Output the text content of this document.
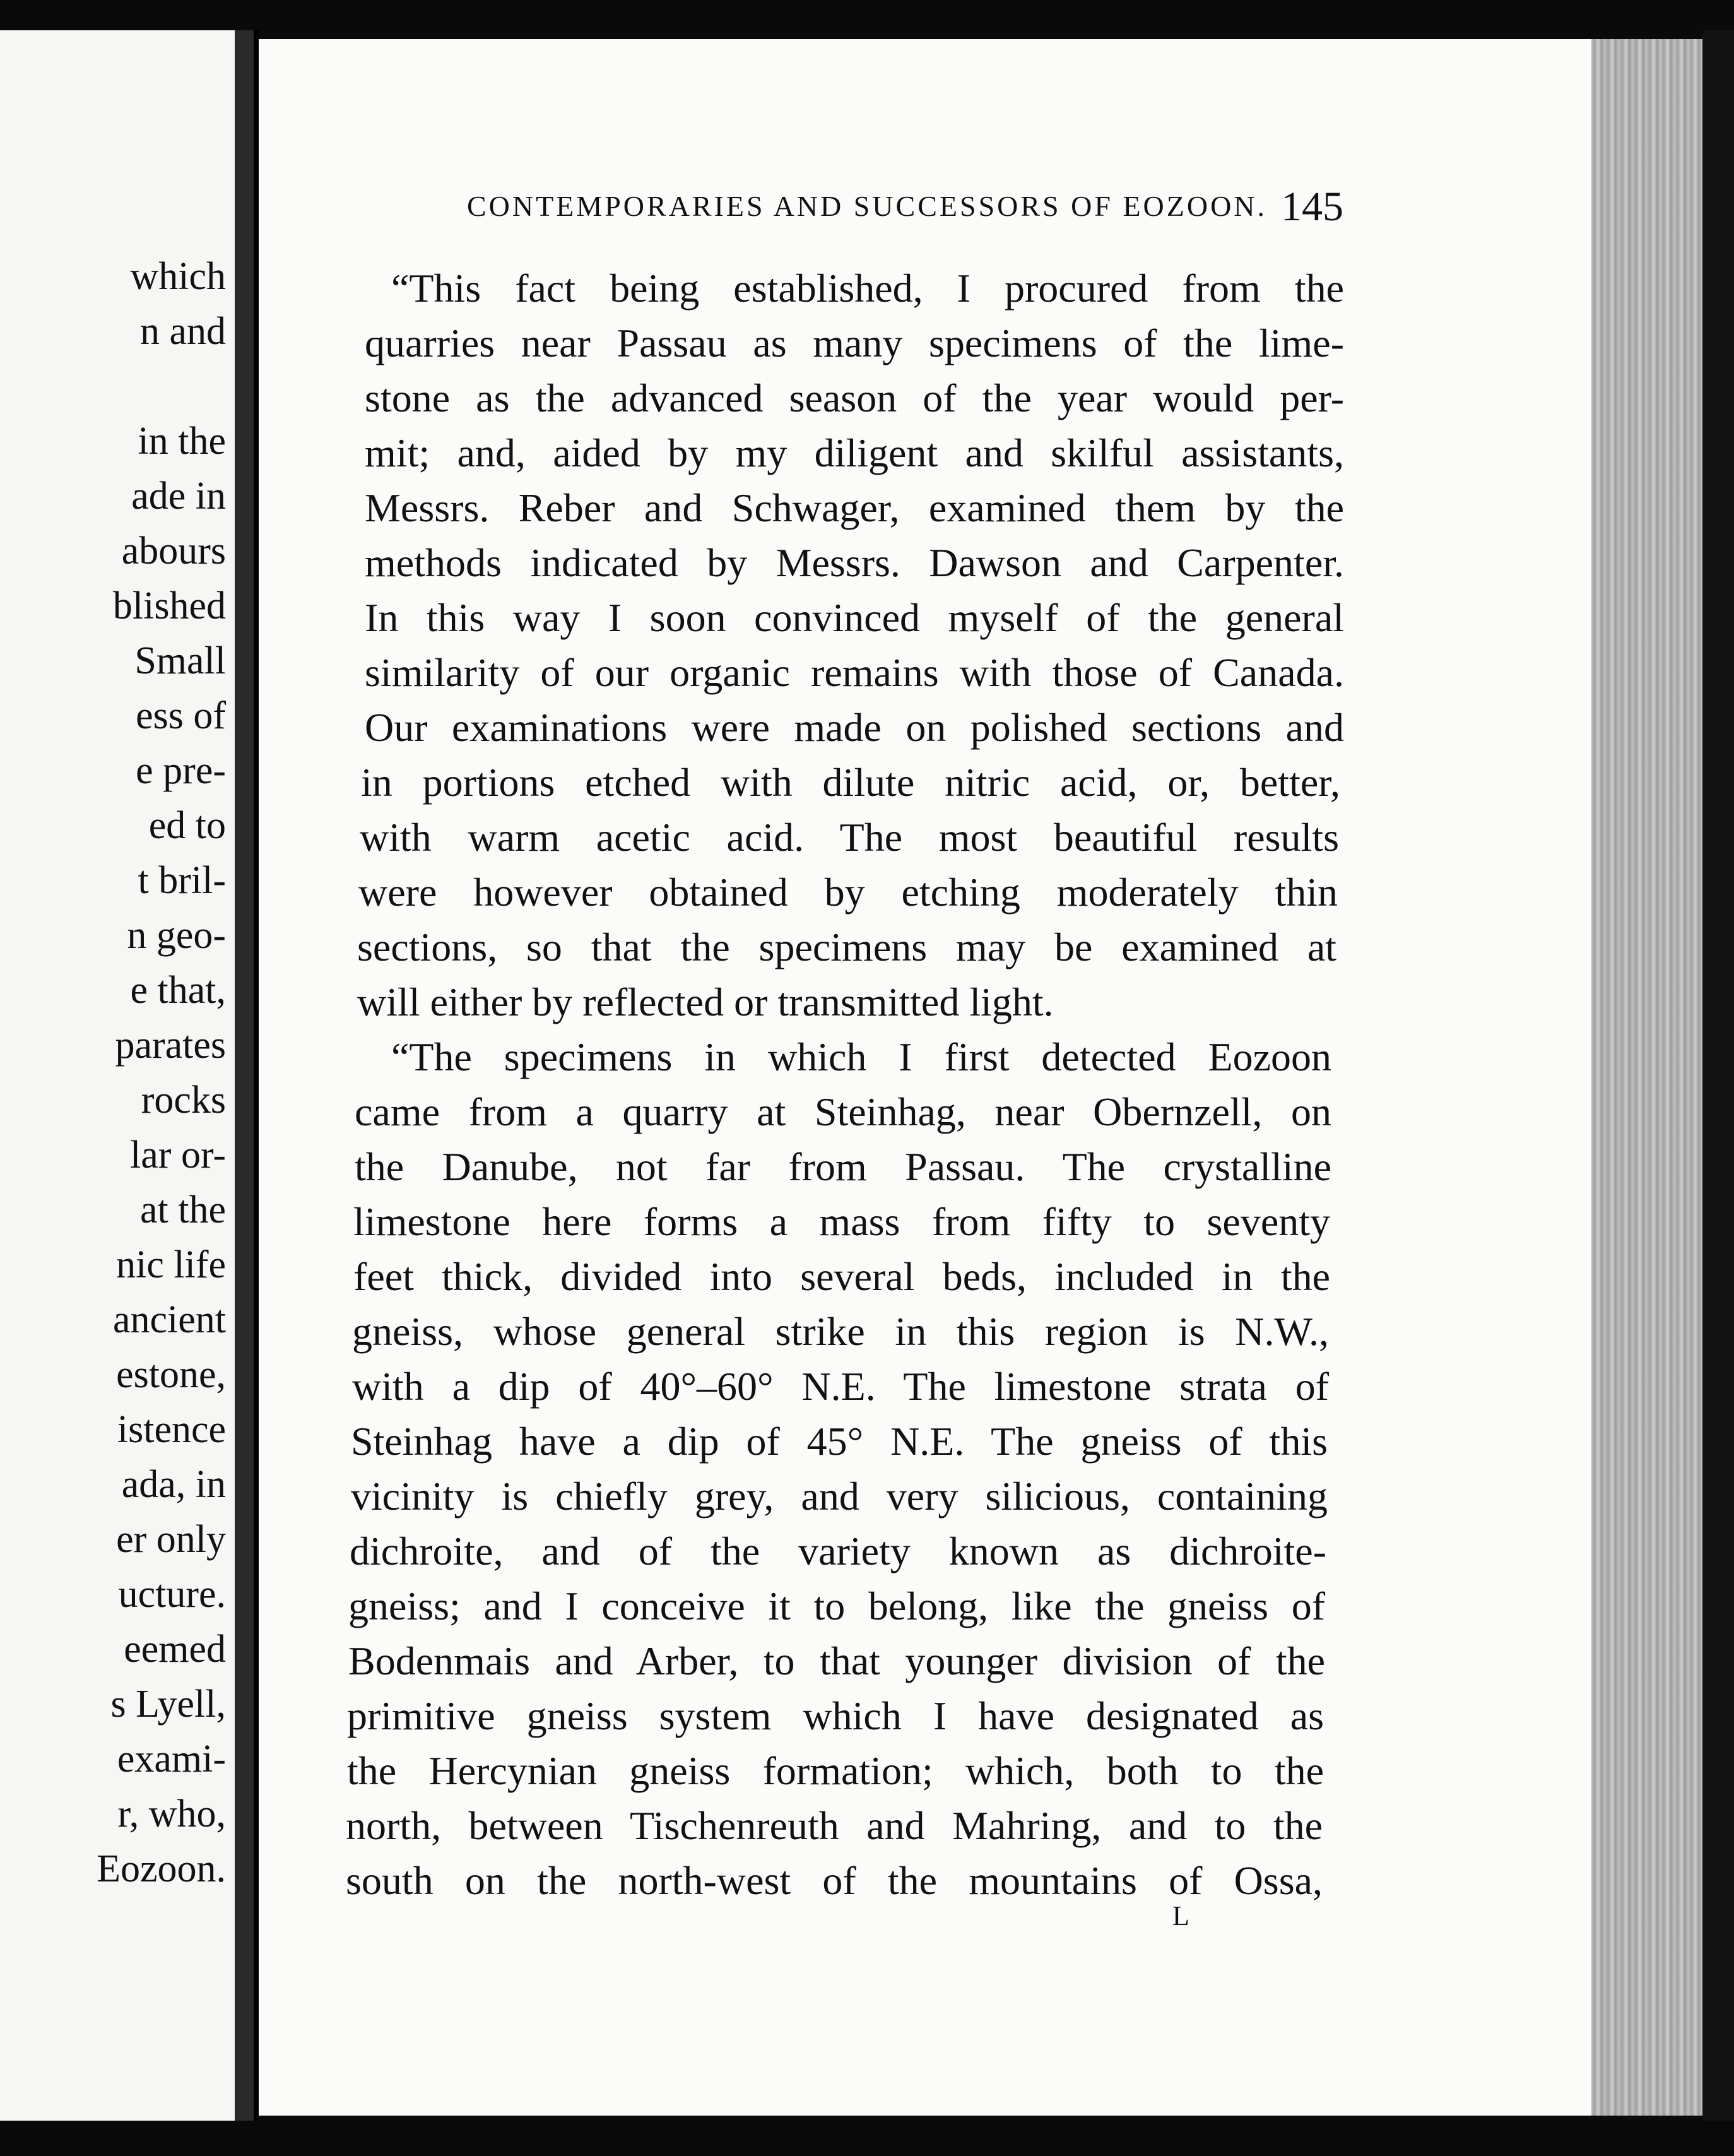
which
n and
in the
ade in
abours
blished
Small
ess of
e pre-
ed to
t bril-
n geo-
e that,
parates
rocks
lar or-
at the
nic life
ancient
estone,
istence
ada, in
er only
ucture.
eemed
s Lyell,
exami-
r, who,
Eozoon.
CONTEMPORARIES AND SUCCESSORS OF EOZOON. 145
“This fact being established, I procured from the
quarries near Passau as many specimens of the lime-
stone as the advanced season of the year would per-
mit; and, aided by my diligent and skilful assistants,
Messrs. Reber and Schwager, examined them by the
methods indicated by Messrs. Dawson and Carpenter.
In this way I soon convinced myself of the general
similarity of our organic remains with those of Canada.
Our examinations were made on polished sections and
in portions etched with dilute nitric acid, or, better,
with warm acetic acid. The most beautiful results
were however obtained by etching moderately thin
sections, so that the specimens may be examined at
will either by reflected or transmitted light.
“The specimens in which I first detected Eozoon
came from a quarry at Steinhag, near Obernzell, on
the Danube, not far from Passau. The crystalline
limestone here forms a mass from fifty to seventy
feet thick, divided into several beds, included in the
gneiss, whose general strike in this region is N.W.,
with a dip of 40°–60° N.E. The limestone strata of
Steinhag have a dip of 45° N.E. The gneiss of this
vicinity is chiefly grey, and very silicious, containing
dichroite, and of the variety known as dichroite-
gneiss; and I conceive it to belong, like the gneiss of
Bodenmais and Arber, to that younger division of the
primitive gneiss system which I have designated as
the Hercynian gneiss formation; which, both to the
north, between Tischenreuth and Mahring, and to the
south on the north-west of the mountains of Ossa,
L
